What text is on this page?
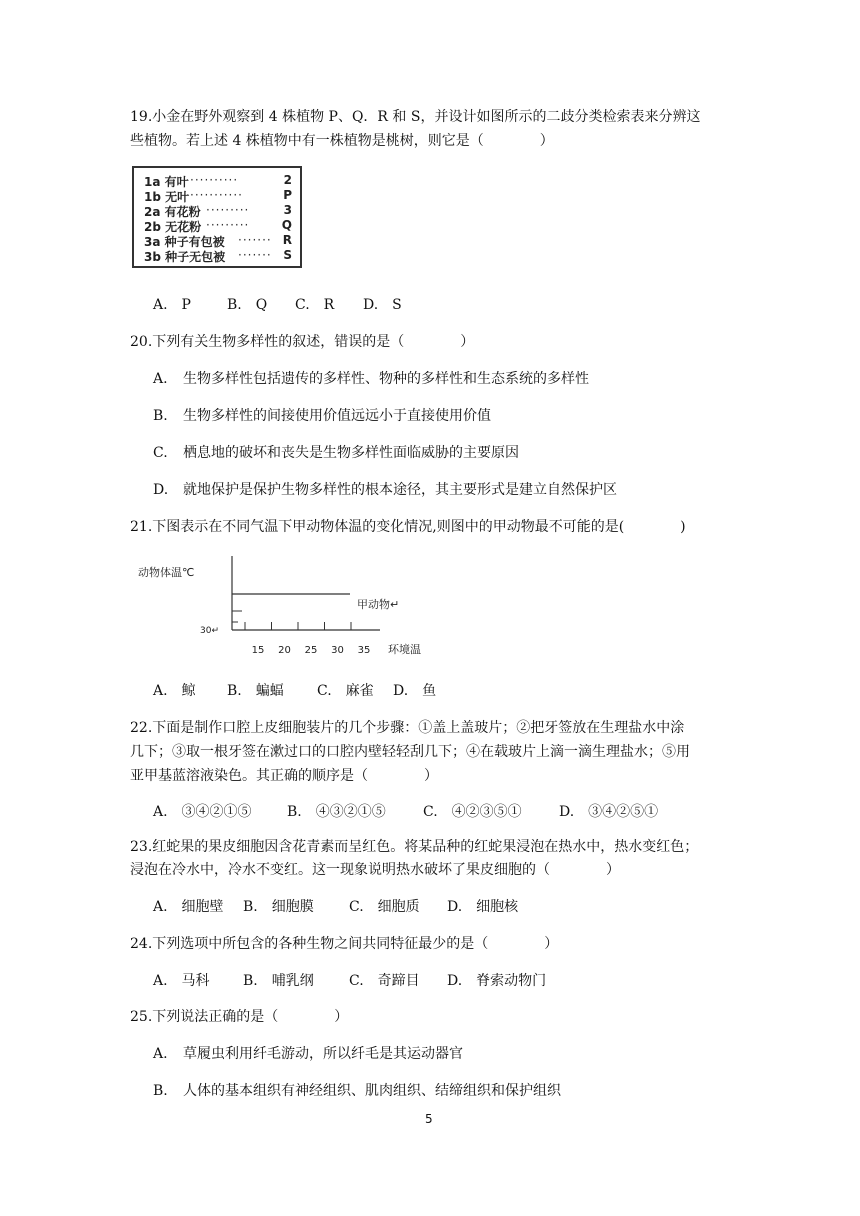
19.小金在野外观察到 4 株植物 P、Q．R 和 S，并设计如图所示的二歧分类检索表来分辨这
些植物。若上述 4 株植物中有一株植物是桃树，则它是（　　　　）
1a 有叶 ··········	2
1b 无叶 ···········	P
2a 有花粉 ·········	3
2b 无花粉 ·········	Q
3a 种子有包被 ······· R
3b 种子无包被 ······· S
A.　P	B.　Q C.　R D.　S
20.下列有关生物多样性的叙述，错误的是（　　　　）
A. 生物多样性包括遗传的多样性、物种的多样性和生态系统的多样性
B. 生物多样性的间接使用价值远远小于直接使用价值
C. 栖息地的破坏和丧失是生物多样性面临威胁的主要原因
D. 就地保护是保护生物多样性的根本途径，其主要形式是建立自然保护区
21.下图表示在不同气温下甲动物体温的变化情况,则图中的甲动物最不可能的是(　　　　)
动物体温℃
15 20 25 30 35
甲动物↵
30↵
环境温
A.　鲸 B.　蝙蝠 C.　麻雀 D.　鱼
22.下面是制作口腔上皮细胞装片的几个步骤：①盖上盖玻片；②把牙签放在生理盐水中涂
几下；③取一根牙签在漱过口的口腔内壁轻轻刮几下；④在载玻片上滴一滴生理盐水；⑤用
亚甲基蓝溶液染色。其正确的顺序是（　　　　）
A.　③④②①⑤	B.　④③②①⑤	C.　④②③⑤①	D.　③④②⑤①
23.红蛇果的果皮细胞因含花青素而呈红色。将某品种的红蛇果浸泡在热水中，热水变红色；
浸泡在冷水中，冷水不变红。这一现象说明热水破坏了果皮细胞的（　　　　）
A.　细胞壁 B.　细胞膜	C.　细胞质 D.　细胞核
24.下列选项中所包含的各种生物之间共同特征最少的是（　　　　）
A.　马科 B.　哺乳纲	C.　奇蹄目 D.　脊索动物门
25.下列说法正确的是（　　　　）
A. 草履虫利用纤毛游动，所以纤毛是其运动器官
B. 人体的基本组织有神经组织、肌肉组织、结缔组织和保护组织
5
